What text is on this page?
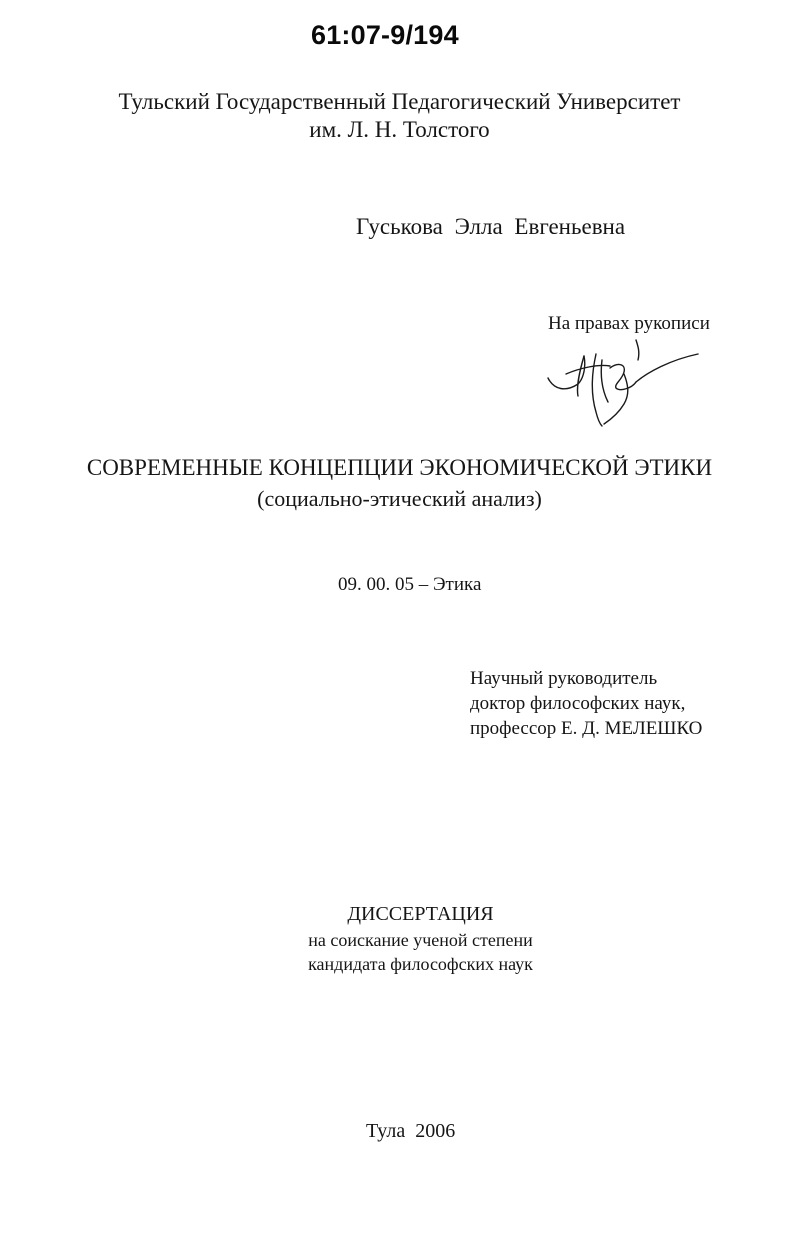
61:07-9/194
Тульский Государственный Педагогический Университет
им. Л. Н. Толстого
Гуськова Элла Евгеньевна
На правах рукописи
СОВРЕМЕННЫЕ КОНЦЕПЦИИ ЭКОНОМИЧЕСКОЙ ЭТИКИ
(социально-этический анализ)
09. 00. 05 – Этика
Научный руководитель
доктор философских наук,
профессор Е. Д. МЕЛЕШКО
ДИССЕРТАЦИЯ
на соискание ученой степени
кандидата философских наук
Тула 2006
